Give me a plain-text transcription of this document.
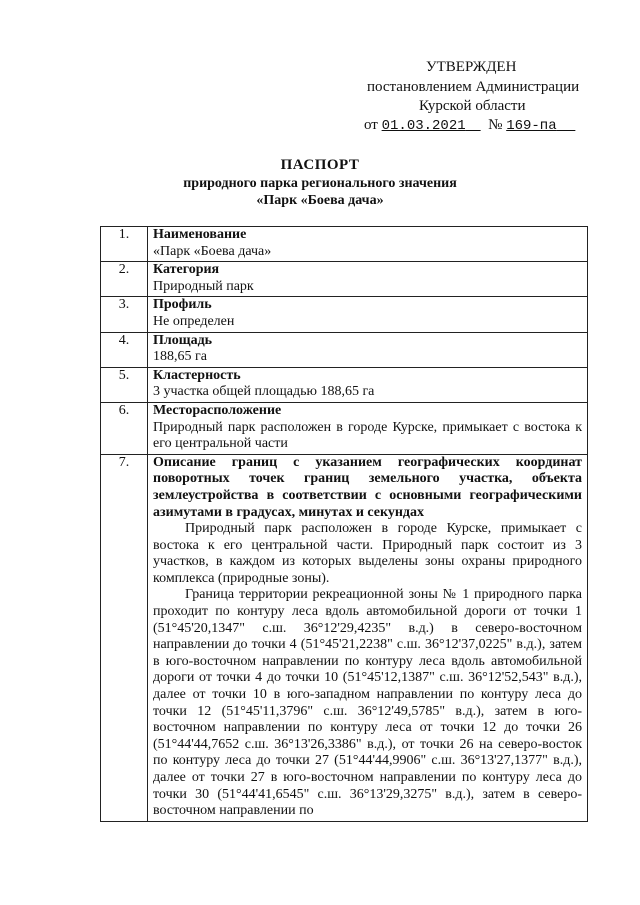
УТВЕРЖДЕН
постановлением Администрации
Курской области
от 01.03.2021 № 169-па
ПАСПОРТ
природного парка регионального значения
«Парк «Боева дача»
1.	Наименование
«Парк «Боева дача»

2.	Категория
Природный парк

3.	Профиль
Не определен

4.	Площадь
188,65 га

5.	Кластерность
3 участка общей площадью 188,65 га

6.	Месторасположение
Природный парк расположен в городе Курске, примыкает с востока к его центральной части

7.	Описание границ с указанием географических координат поворотных точек границ земельного участка, объекта землеустройства в соответствии с основными географическими азимутами в градусах, минутах и секундах
Природный парк расположен в городе Курске, примыкает с востока к его центральной части. Природный парк состоит из 3 участков, в каждом из которых выделены зоны охраны природного комплекса (природные зоны).
Граница территории рекреационной зоны № 1 природного парка проходит по контуру леса вдоль автомобильной дороги от точки 1 (51°45'20,1347" с.ш. 36°12'29,4235" в.д.) в северо-восточном направлении до точки 4 (51°45'21,2238" с.ш. 36°12'37,0225" в.д.), затем в юго-восточном направлении по контуру леса вдоль автомобильной дороги от точки 4 до точки 10 (51°45'12,1387" с.ш. 36°12'52,543" в.д.), далее от точки 10 в юго-западном направлении по контуру леса до точки 12 (51°45'11,3796" с.ш. 36°12'49,5785" в.д.), затем в юго-восточном направлении по контуру леса от точки 12 до точки 26 (51°44'44,7652 с.ш. 36°13'26,3386" в.д.), от точки 26 на северо-восток по контуру леса до точки 27 (51°44'44,9906" с.ш. 36°13'27,1377" в.д.), далее от точки 27 в юго-восточном направлении по контуру леса до точки 30 (51°44'41,6545" с.ш. 36°13'29,3275" в.д.), затем в северо-восточном направлении по
